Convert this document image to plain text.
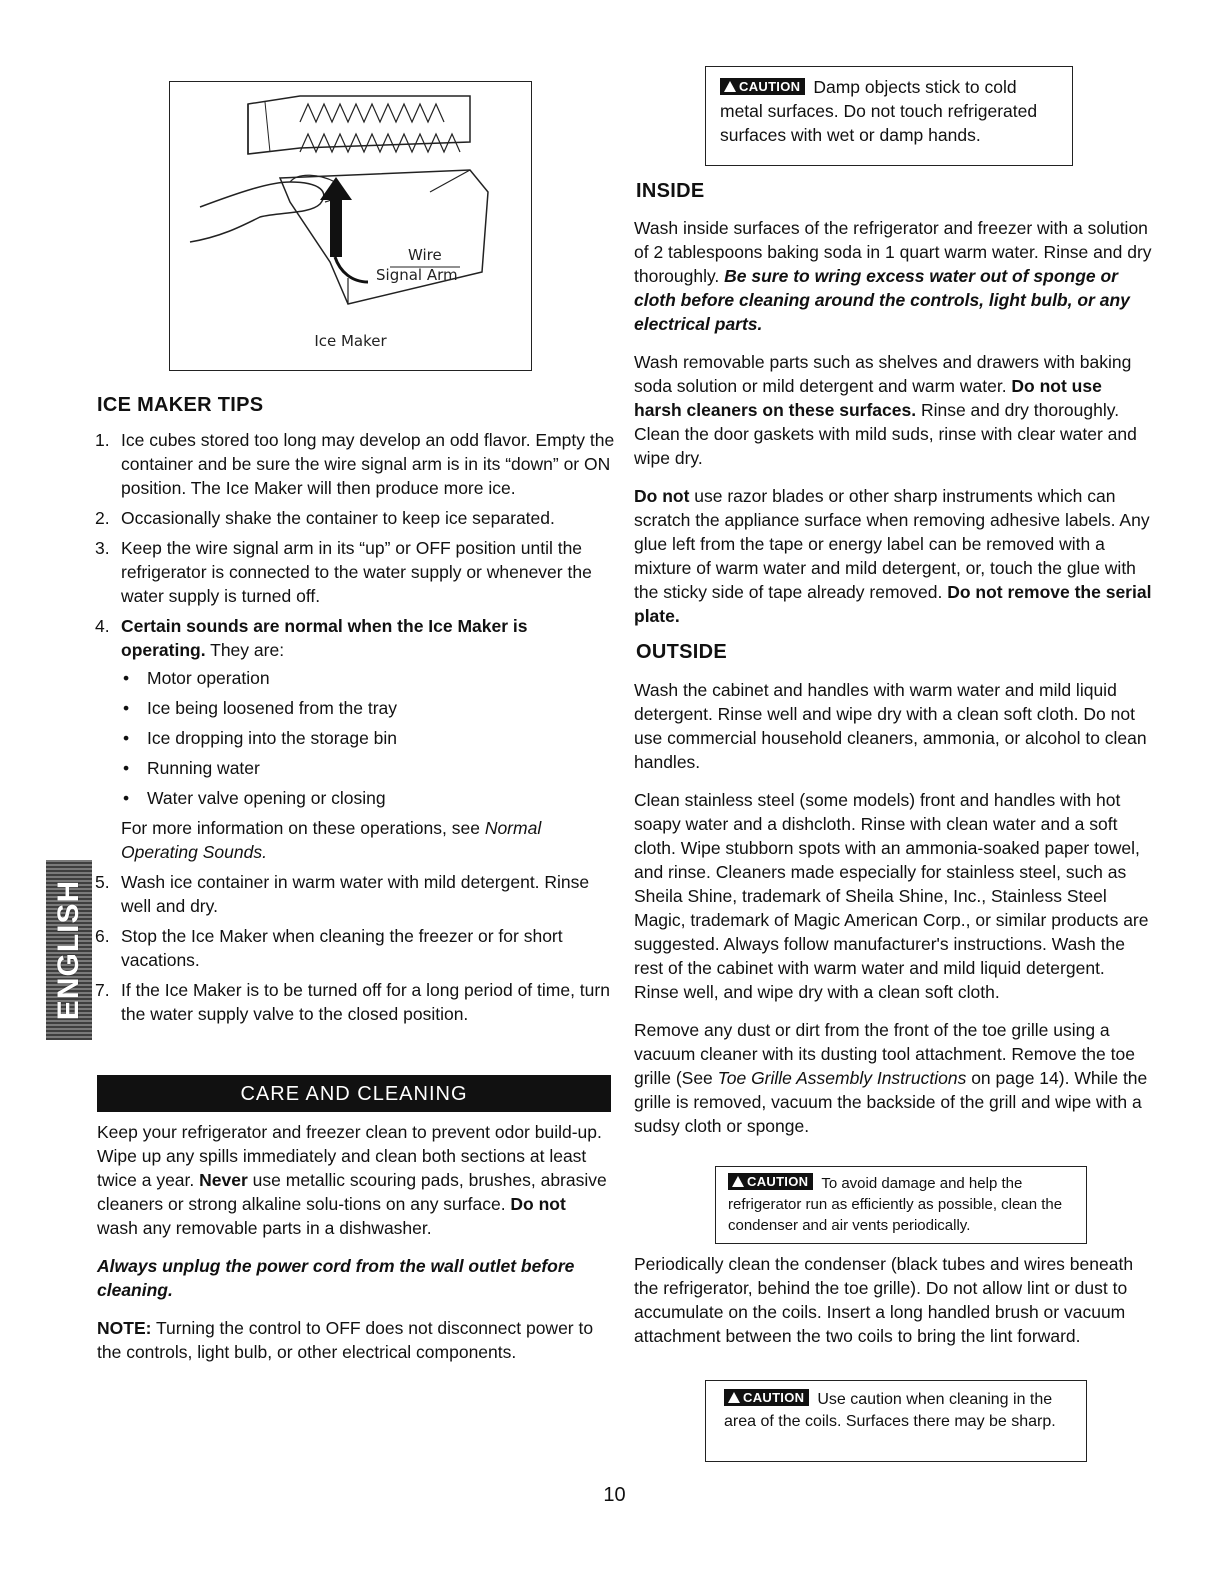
Wire
Signal Arm
Ice Maker
ICE MAKER TIPS
1. Ice cubes stored too long may develop an odd flavor. Empty the container and be sure the wire signal arm is in its “down” or ON position. The Ice Maker will then produce more ice.
2. Occasionally shake the container to keep ice separated.
3. Keep the wire signal arm in its “up” or OFF position until the refrigerator is connected to the water supply or whenever the water supply is turned off.
4. Certain sounds are normal when the Ice Maker is operating. They are:
• Motor operation
• Ice being loosened from the tray
• Ice dropping into the storage bin
• Running water
• Water valve opening or closing
For more information on these operations, see Normal Operating Sounds.
5. Wash ice container in warm water with mild detergent. Rinse well and dry.
6. Stop the Ice Maker when cleaning the freezer or for short vacations.
7. If the Ice Maker is to be turned off for a long period of time, turn the water supply valve to the closed position.
ENGLISH
CARE AND CLEANING

Keep your refrigerator and freezer clean to prevent odor build-up. Wipe up any spills immediately and clean both sections at least twice a year. Never use metallic scouring pads, brushes, abrasive cleaners or strong alkaline solu-tions on any surface. Do not wash any removable parts in a dishwasher.

Always unplug the power cord from the wall outlet before cleaning.

NOTE: Turning the control to OFF does not disconnect power to the controls, light bulb, or other electrical components.

CAUTION Damp objects stick to cold metal surfaces. Do not touch refrigerated surfaces with wet or damp hands.
INSIDE

Wash inside surfaces of the refrigerator and freezer with a solution of 2 tablespoons baking soda in 1 quart warm water. Rinse and dry thoroughly. Be sure to wring excess water out of sponge or cloth before cleaning around the controls, light bulb, or any electrical parts.

Wash removable parts such as shelves and drawers with baking soda solution or mild detergent and warm water. Do not use harsh cleaners on these surfaces. Rinse and dry thoroughly. Clean the door gaskets with mild suds, rinse with clear water and wipe dry.

Do not use razor blades or other sharp instruments which can scratch the appliance surface when removing adhesive labels. Any glue left from the tape or energy label can be removed with a mixture of warm water and mild detergent, or, touch the glue with the sticky side of tape already removed. Do not remove the serial plate.

OUTSIDE

Wash the cabinet and handles with warm water and mild liquid detergent. Rinse well and wipe dry with a clean soft cloth. Do not use commercial household cleaners, ammonia, or alcohol to clean handles.

Clean stainless steel (some models) front and handles with hot soapy water and a dishcloth. Rinse with clean water and a soft cloth. Wipe stubborn spots with an ammonia-soaked paper towel, and rinse. Cleaners made especially for stainless steel, such as Sheila Shine, trademark of Sheila Shine, Inc., Stainless Steel Magic, trademark of Magic American Corp., or similar products are suggested. Always follow manufacturer's instructions. Wash the rest of the cabinet with warm water and mild liquid detergent. Rinse well, and wipe dry with a clean soft cloth.

Remove any dust or dirt from the front of the toe grille using a vacuum cleaner with its dusting tool attachment. Remove the toe grille (See Toe Grille Assembly Instructions on page 14). While the grille is removed, vacuum the backside of the grill and wipe with a sudsy cloth or sponge.

CAUTION To avoid damage and help the refrigerator run as efficiently as possible, clean the condenser and air vents periodically.

Periodically clean the condenser (black tubes and wires beneath the refrigerator, behind the toe grille). Do not allow lint or dust to accumulate on the coils. Insert a long handled brush or vacuum attachment between the two coils to bring the lint forward.

CAUTION Use caution when cleaning in the area of the coils. Surfaces there may be sharp.
10
